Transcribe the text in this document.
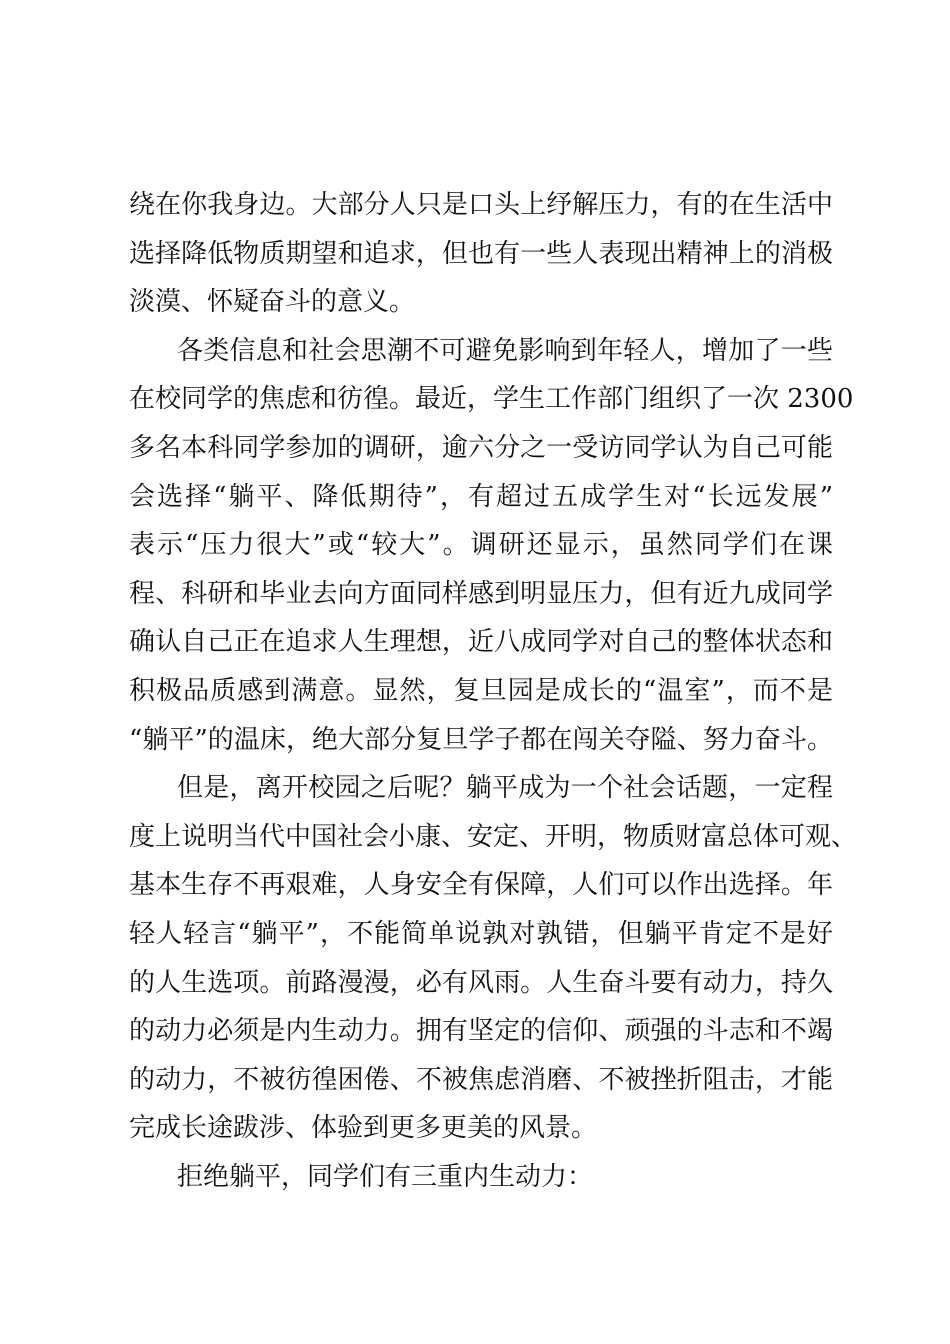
绕在你我身边。大部分人只是口头上纾解压力，有的在生活中
选择降低物质期望和追求，但也有一些人表现出精神上的消极
淡漠、怀疑奋斗的意义。
各类信息和社会思潮不可避免影响到年轻人，增加了一些
在校同学的焦虑和彷徨。最近，学生工作部门组织了一次 2300
多名本科同学参加的调研，逾六分之一受访同学认为自己可能
会选择“躺平、降低期待”，有超过五成学生对“长远发展”
表示“压力很大”或“较大”。调研还显示，虽然同学们在课
程、科研和毕业去向方面同样感到明显压力，但有近九成同学
确认自己正在追求人生理想，近八成同学对自己的整体状态和
积极品质感到满意。显然，复旦园是成长的“温室”，而不是
“躺平”的温床，绝大部分复旦学子都在闯关夺隘、努力奋斗。
但是，离开校园之后呢？躺平成为一个社会话题，一定程
度上说明当代中国社会小康、安定、开明，物质财富总体可观、
基本生存不再艰难，人身安全有保障，人们可以作出选择。年
轻人轻言“躺平”，不能简单说孰对孰错，但躺平肯定不是好
的人生选项。前路漫漫，必有风雨。人生奋斗要有动力，持久
的动力必须是内生动力。拥有坚定的信仰、顽强的斗志和不竭
的动力，不被彷徨困倦、不被焦虑消磨、不被挫折阻击，才能
完成长途跋涉、体验到更多更美的风景。
拒绝躺平，同学们有三重内生动力：
